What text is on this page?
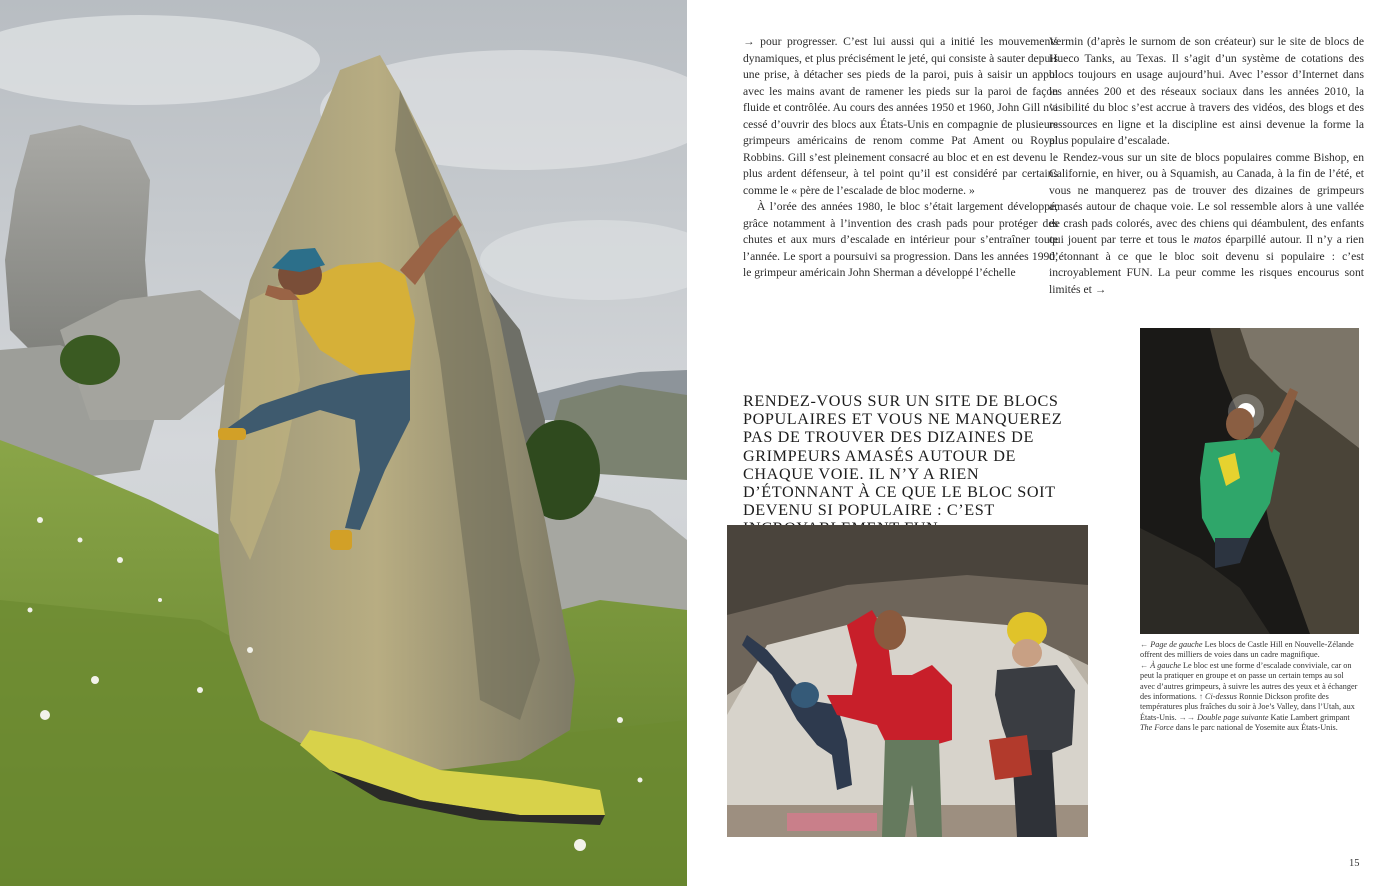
→ pour progresser. C’est lui aussi qui a initié les mouvements dynamiques, et plus précisément le jeté, qui consiste à sauter depuis une prise, à détacher ses pieds de la paroi, puis à saisir un appui avec les mains avant de ramener les pieds sur la paroi de façon fluide et contrôlée. Au cours des années 1950 et 1960, John Gill n’a cessé d’ouvrir des blocs aux États-Unis en compagnie de plusieurs grimpeurs américains de renom comme Pat Ament ou Royal Robbins. Gill s’est pleinement consacré au bloc et en est devenu le plus ardent défenseur, à tel point qu’il est considéré par certains comme le « père de l’escalade de bloc moderne. »

À l’orée des années 1980, le bloc s’était largement développé, grâce notamment à l’invention des crash pads pour protéger des chutes et aux murs d’escalade en intérieur pour s’entraîner toute l’année. Le sport a poursuivi sa progression. Dans les années 1990, le grimpeur américain John Sherman a développé l’échelle

Vermin (d’après le surnom de son créateur) sur le site de blocs de Hueco Tanks, au Texas. Il s’agit d’un système de cotations des blocs toujours en usage aujourd’hui. Avec l’essor d’Internet dans les années 200 et des réseaux sociaux dans les années 2010, la visibilité du bloc s’est accrue à travers des vidéos, des blogs et des ressources en ligne et la discipline est ainsi devenue la forme la plus populaire d’escalade.

Rendez-vous sur un site de blocs populaires comme Bishop, en Californie, en hiver, ou à Squamish, au Canada, à la fin de l’été, et vous ne manquerez pas de trouver des dizaines de grimpeurs amasés autour de chaque voie. Le sol ressemble alors à une vallée de crash pads colorés, avec des chiens qui déambulent, des enfants qui jouent par terre et tous le matos éparpillé autour. Il n’y a rien d’étonnant à ce que le bloc soit devenu si populaire : c’est incroyablement FUN. La peur comme les risques encourus sont limités et →

RENDEZ-VOUS SUR UN SITE DE BLOCS POPULAIRES ET VOUS NE MANQUEREZ PAS DE TROUVER DES DIZAINES DE GRIMPEURS AMASÉS AUTOUR DE CHAQUE VOIE. IL N’Y A RIEN D’ÉTONNANT À CE QUE LE BLOC SOIT DEVENU SI POPULAIRE : C’EST

← Page de gauche Les blocs de Castle Hill en Nouvelle-Zélande offrent des milliers de voies dans un cadre magnifique.

← À gauche Le bloc est une forme d’escalade conviviale, car on peut la pratiquer en groupe et on passe un certain temps au sol avec d’autres grimpeurs, à suivre les autres des yeux et à échanger des informations. ↑ Ci-dessus Ronnie Dickson profite des températures plus fraîches du soir à Joe’s Valley, dans l’Utah, aux États-Unis. →→ Double page suivante Katie Lambert grimpant The Force dans le parc national de Yosemite aux États-Unis.

15
